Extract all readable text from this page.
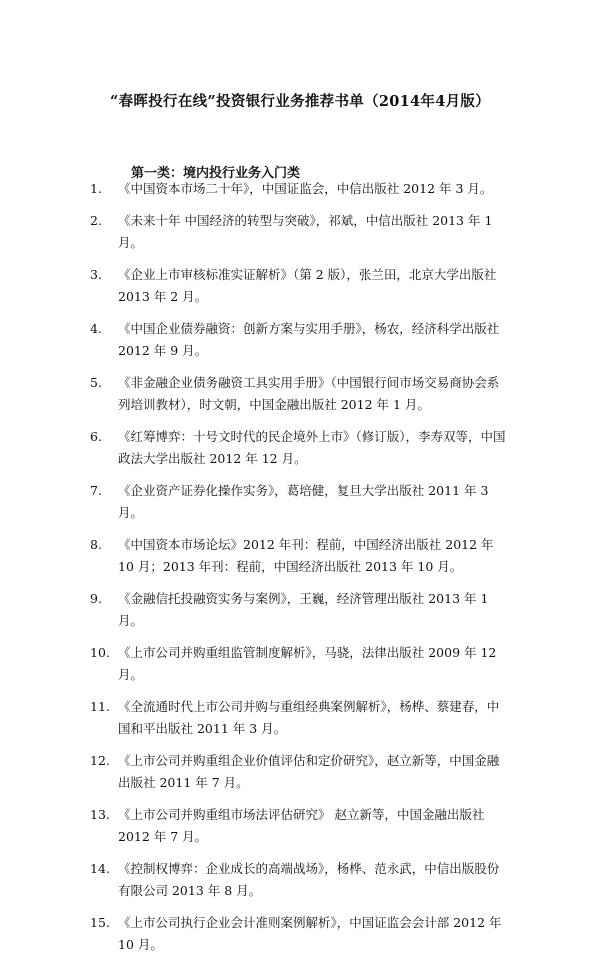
“春晖投行在线”投资银行业务推荐书单（2014年4月版）
第一类：境内投行业务入门类
1. 《中国资本市场二十年》，中国证监会，中信出版社 2012 年 3 月。
2. 《未来十年 中国经济的转型与突破》，祁斌，中信出版社 2013 年 1 月。
3. 《企业上市审核标准实证解析》（第 2 版），张兰田，北京大学出版社 2013 年 2 月。
4. 《中国企业债券融资：创新方案与实用手册》，杨农，经济科学出版社 2012 年 9 月。
5. 《非金融企业债务融资工具实用手册》（中国银行间市场交易商协会系列培训教材），时文朝，中国金融出版社 2012 年 1 月。
6. 《红筹博弈：十号文时代的民企境外上市》（修订版），李寿双等，中国政法大学出版社 2012 年 12 月。
7. 《企业资产证券化操作实务》，葛培健，复旦大学出版社 2011 年 3 月。
8. 《中国资本市场论坛》2012 年刊：程前，中国经济出版社 2012 年 10 月；2013 年刊：程前，中国经济出版社 2013 年 10 月。
9. 《金融信托投融资实务与案例》，王巍，经济管理出版社 2013 年 1 月。
10. 《上市公司并购重组监管制度解析》，马骁，法律出版社 2009 年 12 月。
11. 《全流通时代上市公司并购与重组经典案例解析》，杨桦、蔡建春，中国和平出版社 2011 年 3 月。
12. 《上市公司并购重组企业价值评估和定价研究》，赵立新等，中国金融出版社 2011 年 7 月。
13. 《上市公司并购重组市场法评估研究》 赵立新等，中国金融出版社 2012 年 7 月。
14. 《控制权博弈：企业成长的高端战场》，杨桦、范永武，中信出版股份有限公司 2013 年 8 月。
15. 《上市公司执行企业会计准则案例解析》，中国证监会会计部 2012 年 10 月。
